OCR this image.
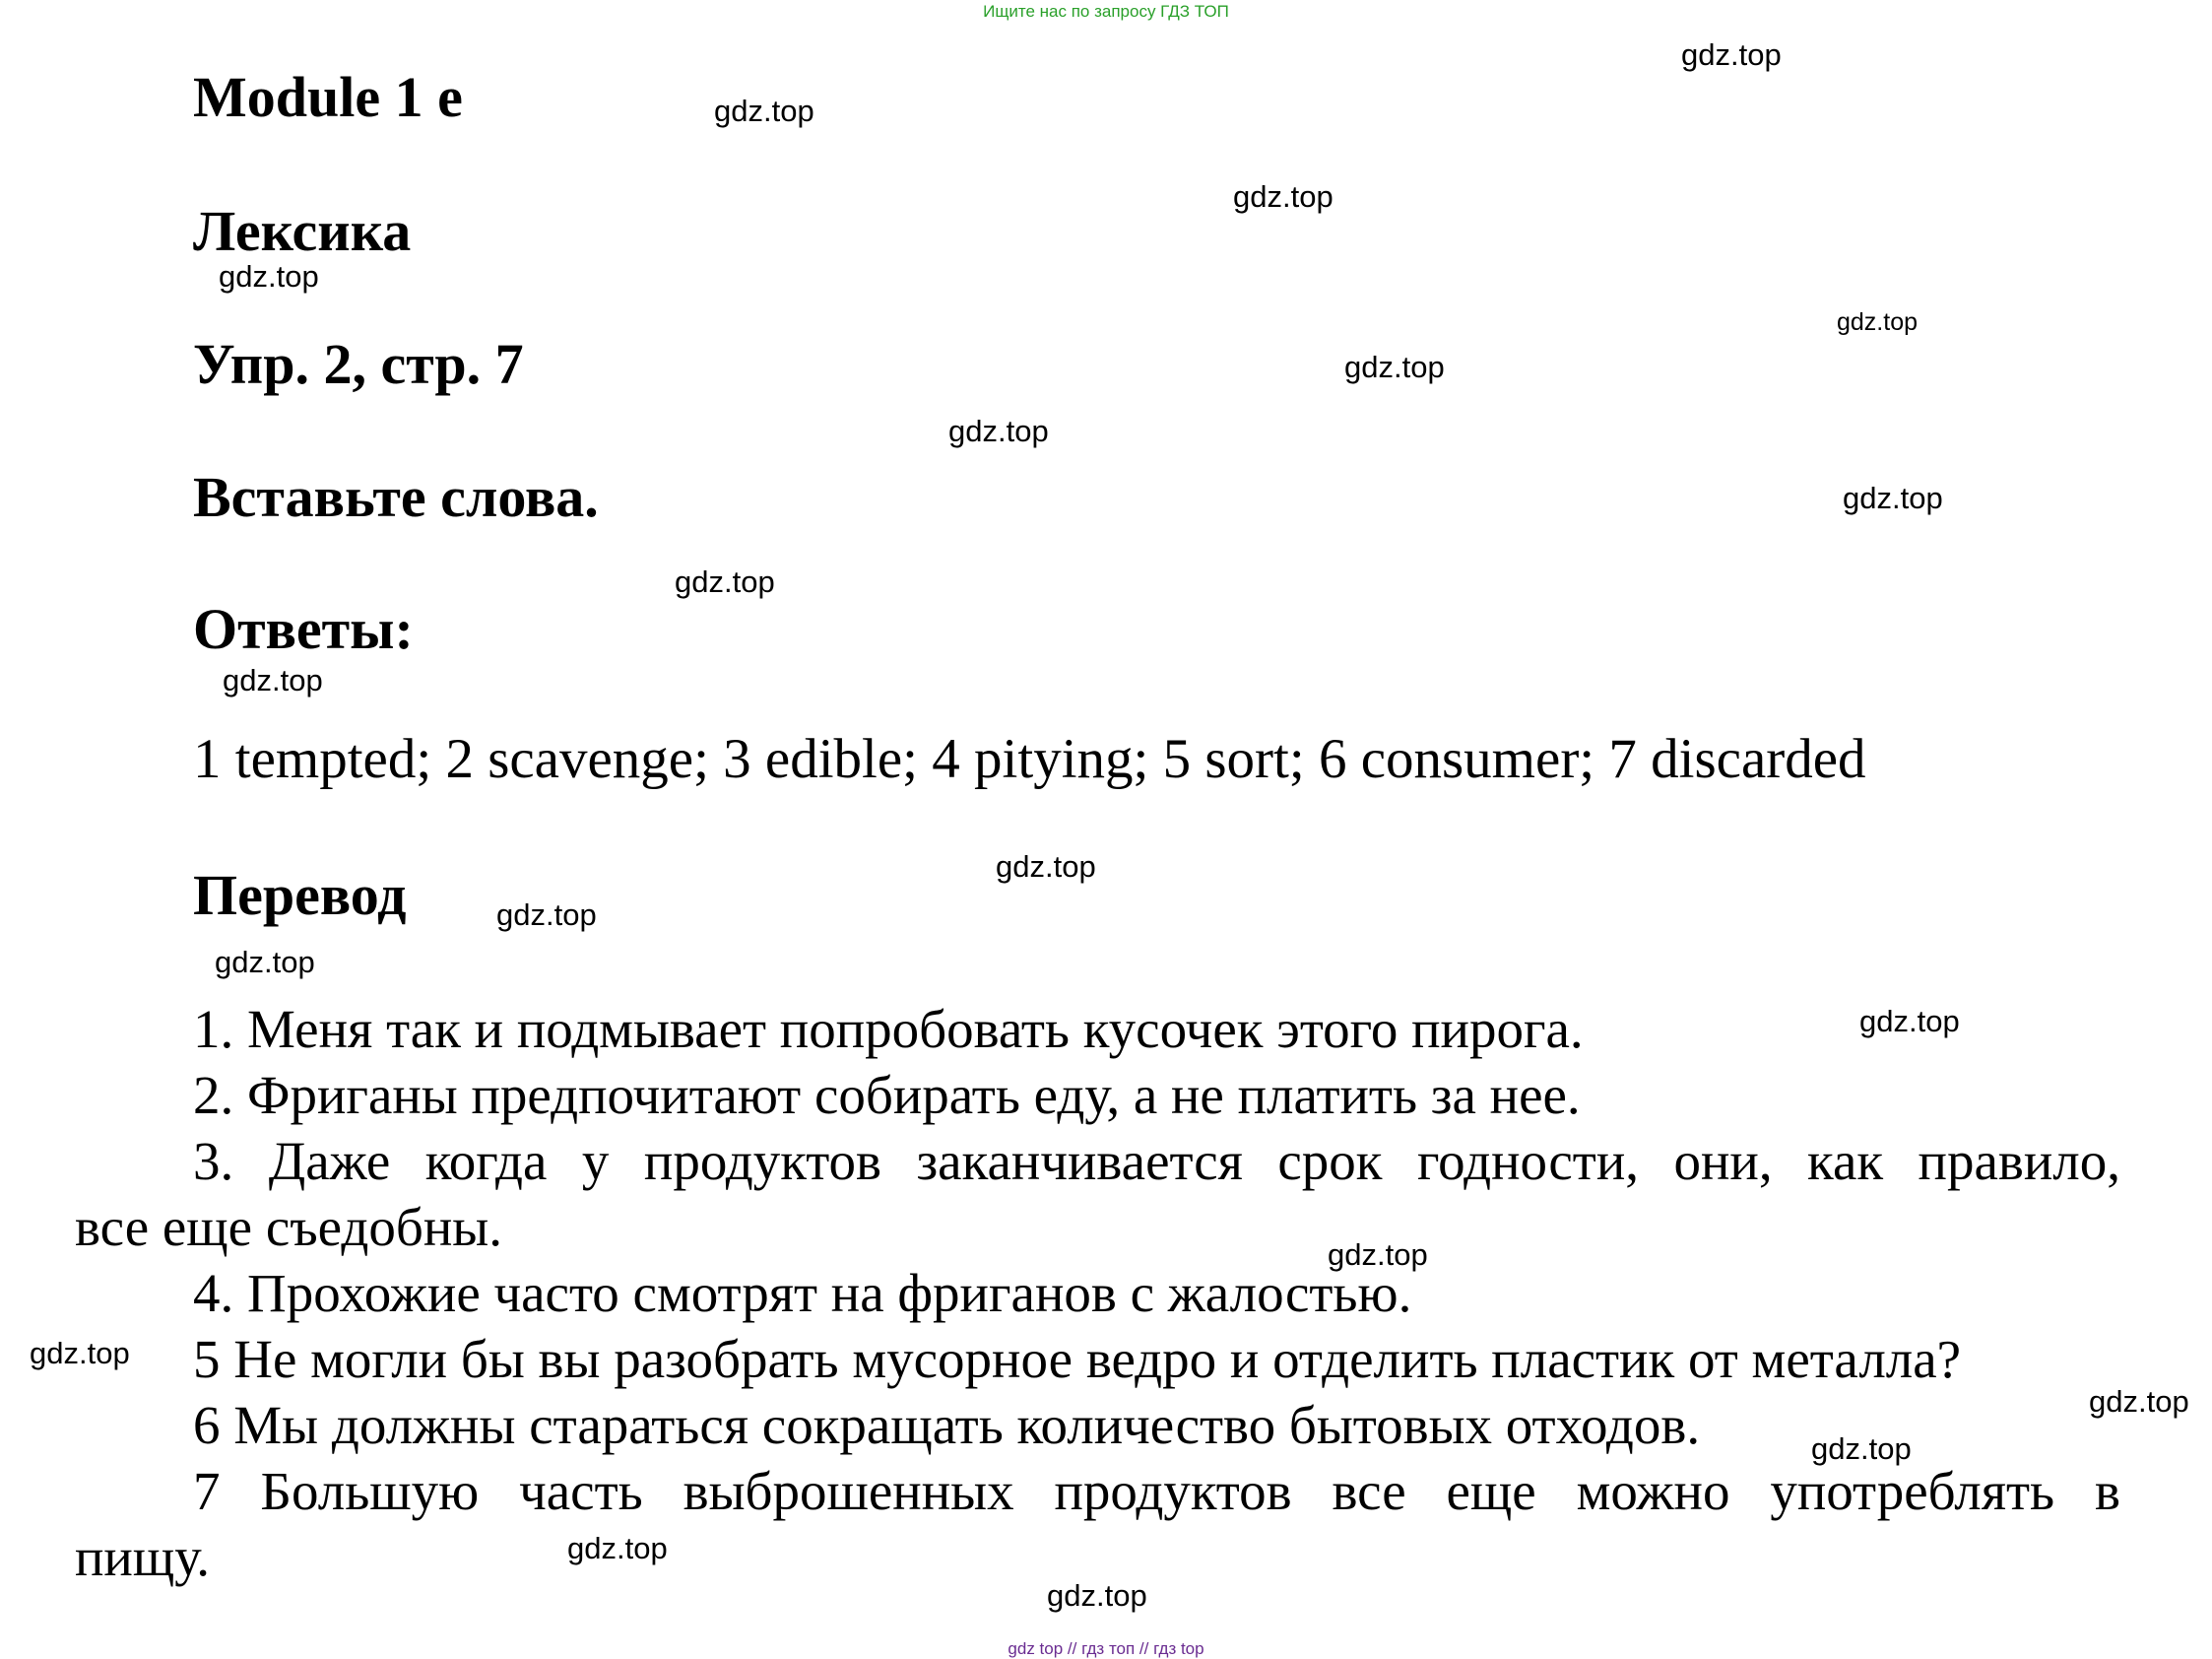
Ищите нас по запросу ГДЗ ТОП
Module 1 e
Лексика
Упр. 2, стр. 7
Вставьте слова.
Ответы:
1 tempted; 2 scavenge; 3 edible; 4 pitying; 5 sort; 6 consumer; 7 discarded
Перевод
1. Меня так и подмывает попробовать кусочек этого пирога.
2. Фриганы предпочитают собирать еду, а не платить за нее.
3. Даже когда у продуктов заканчивается срок годности, они, как правило,
все еще съедобны.
4. Прохожие часто смотрят на фриганов с жалостью.
5 Не могли бы вы разобрать мусорное ведро и отделить пластик от металла?
6 Мы должны стараться сокращать количество бытовых отходов.
7 Большую часть выброшенных продуктов все еще можно употреблять в
пищу.
gdz.top
gdz.top
gdz.top
gdz.top
gdz.top
gdz.top
gdz.top
gdz.top
gdz.top
gdz.top
gdz.top
gdz.top
gdz.top
gdz.top
gdz.top
gdz.top
gdz.top
gdz.top
gdz.top
gdz.top
gdz top // гдз топ // гдз top
